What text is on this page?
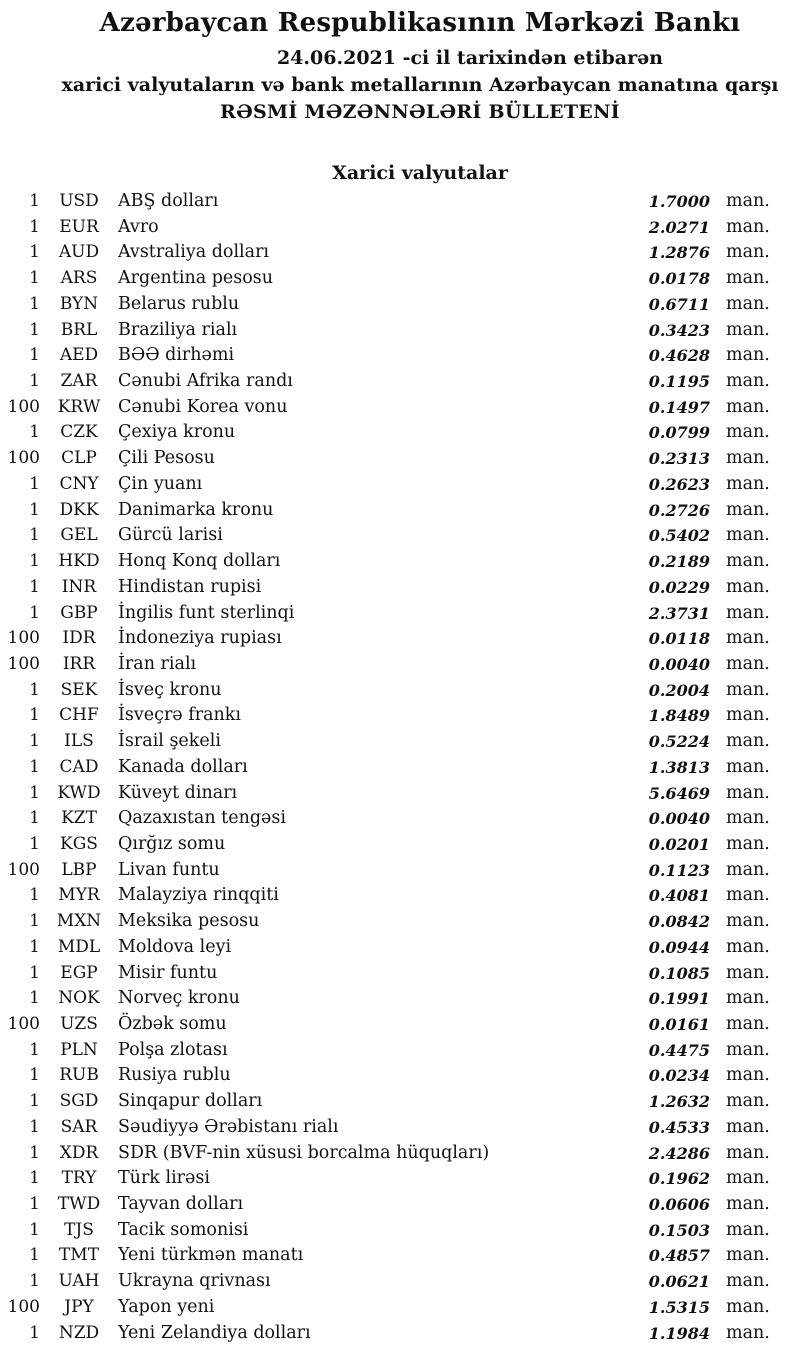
Azərbaycan Respublikasının Mərkəzi Bankı
24.06.2021 -ci il tarixindən etibarən
xarici valyutaların və bank metallarının Azərbaycan manatına qarşı
RƏSMİ MƏZƏNNƏLƏRİ BÜLLETENİ
Xarici valyutalar
1	USD	ABŞ dolları	1.7000 man.
1	EUR	Avro	2.0271 man.
1	AUD	Avstraliya dolları	1.2876 man.
1	ARS	Argentina pesosu	0.0178 man.
1	BYN	Belarus rublu	0.6711 man.
1	BRL	Braziliya rialı	0.3423 man.
1	AED	BƏƏ dirhəmi	0.4628 man.
1	ZAR	Cənubi Afrika randı	0.1195 man.
100	KRW	Cənubi Korea vonu	0.1497 man.
1	CZK	Çexiya kronu	0.0799 man.
100	CLP	Çili Pesosu	0.2313 man.
1	CNY	Çin yuanı	0.2623 man.
1	DKK	Danimarka kronu	0.2726 man.
1	GEL	Gürcü larisi	0.5402 man.
1	HKD	Honq Konq dolları	0.2189 man.
1	INR	Hindistan rupisi	0.0229 man.
1	GBP	İngilis funt sterlinqi	2.3731 man.
100	IDR	İndoneziya rupiası	0.0118 man.
100	IRR	İran rialı	0.0040 man.
1	SEK	İsveç kronu	0.2004 man.
1	CHF	İsveçrə frankı	1.8489 man.
1	ILS	İsrail şekeli	0.5224 man.
1	CAD	Kanada dolları	1.3813 man.
1	KWD Küveyt dinarı	5.6469 man.
1	KZT	Qazaxıstan tengəsi	0.0040 man.
1	KGS	Qırğız somu	0.0201 man.
100	LBP	Livan funtu	0.1123 man.
1	MYR	Malayziya rinqqiti	0.4081 man.
1 MXN Meksika pesosu	0.0842 man.
1	MDL	Moldova leyi	0.0944 man.
1	EGP	Misir funtu	0.1085 man.
1	NOK	Norveç kronu	0.1991 man.
100	UZS	Özbək somu	0.0161 man.
1	PLN	Polşa zlotası	0.4475 man.
1	RUB	Rusiya rublu	0.0234 man.
1	SGD	Sinqapur dolları	1.2632 man.
1	SAR	Səudiyyə Ərəbistanı rialı	0.4533 man.
1	XDR	SDR (BVF-nin xüsusi borcalma hüquqları)	2.4286 man.
1	TRY	Türk lirəsi	0.1962 man.
1	TWD	Tayvan dolları	0.0606 man.
1	TJS	Tacik somonisi	0.1503 man.
1	TMT	Yeni türkmən manatı	0.4857 man.
1	UAH	Ukrayna qrivnası	0.0621 man.
100	JPY	Yapon yeni	1.5315 man.
1	NZD	Yeni Zelandiya dolları	1.1984 man.
